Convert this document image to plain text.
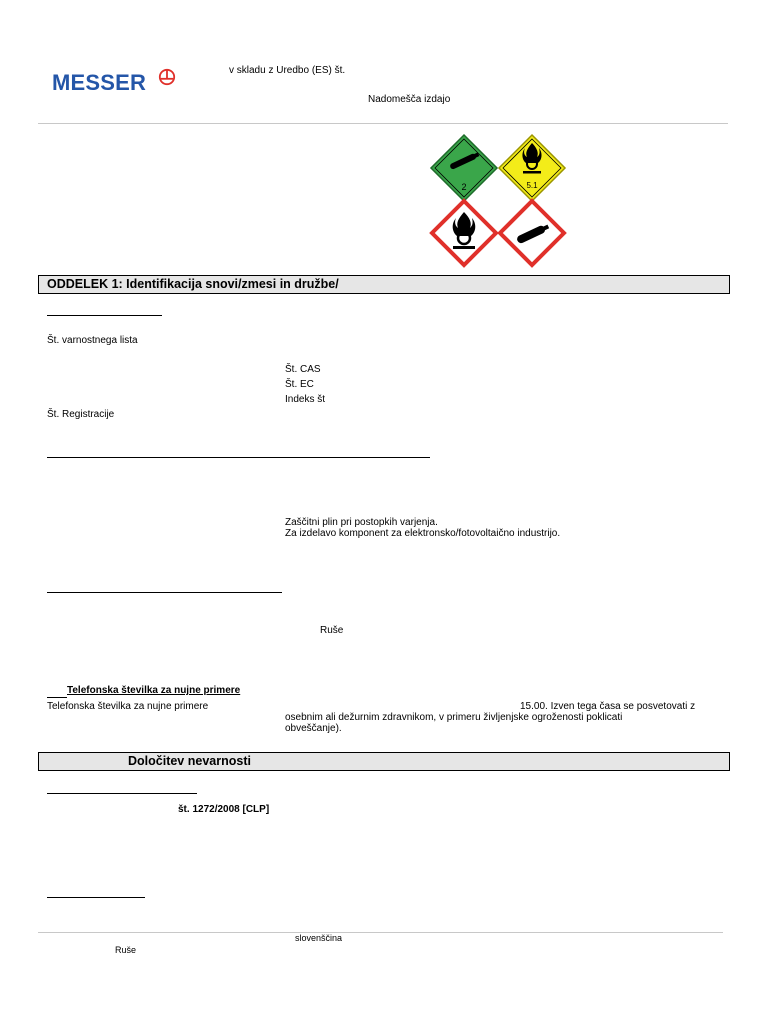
MESSER	v skladu z Uredbo (ES) št.
Nadomešča izdajo
2	5.1
ODDELEK 1: Identifikacija snovi/zmesi in družbe/
Št. varnostnega lista
Št. CAS
Št. EC
Indeks št
Št. Registracije
Zaščitni plin pri postopkih varjenja.
Za izdelavo komponent za elektronsko/fotovoltaično industrijo.
Ruše
Telefonska številka za nujne primere
Telefonska številka za nujne primere	15.00. Izven tega časa se posvetovati z
osebnim ali dežurnim zdravnikom, v primeru življenjske ogroženosti poklicati
obveščanje).
Določitev nevarnosti
št. 1272/2008 [CLP]
slovenščina
Ruše
